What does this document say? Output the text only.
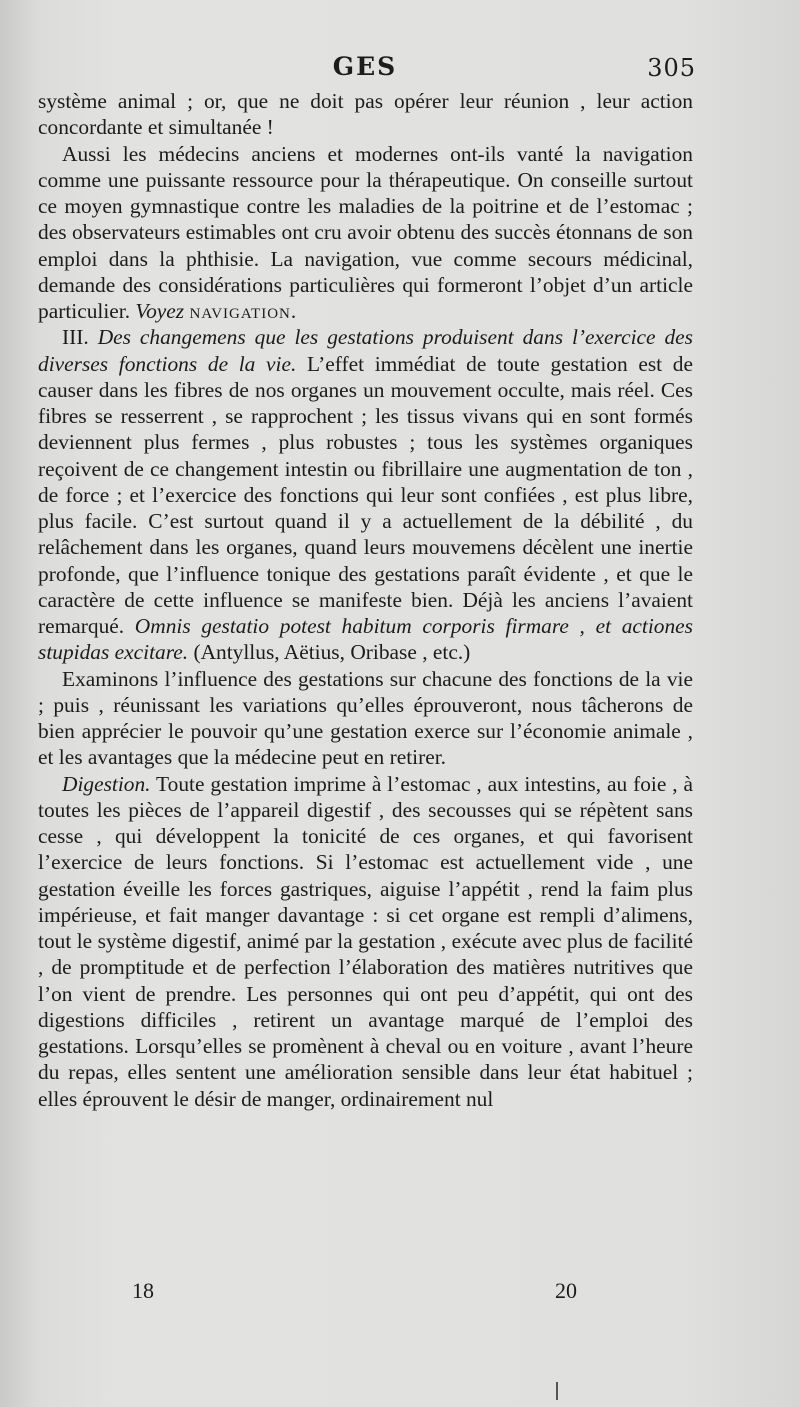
GES	305

système animal ; or, que ne doit pas opérer leur réunion , leur action concordante et simultanée !

Aussi les médecins anciens et modernes ont-ils vanté la navigation comme une puissante ressource pour la thérapeutique. On conseille surtout ce moyen gymnastique contre les maladies de la poitrine et de l’estomac ; des observateurs estimables ont cru avoir obtenu des succès étonnans de son emploi dans la phthisie. La navigation, vue comme secours médicinal, demande des considérations particulières qui formeront l’objet d’un article particulier. Voyez navigation.

III. Des changemens que les gestations produisent dans l’exercice des diverses fonctions de la vie. L’effet immédiat de toute gestation est de causer dans les fibres de nos organes un mouvement occulte, mais réel. Ces fibres se resserrent , se rapprochent ; les tissus vivans qui en sont formés deviennent plus fermes , plus robustes ; tous les systèmes organiques reçoivent de ce changement intestin ou fibrillaire une augmentation de ton , de force ; et l’exercice des fonctions qui leur sont confiées , est plus libre, plus facile. C’est surtout quand il y a actuellement de la débilité , du relâchement dans les organes, quand leurs mouvemens décèlent une inertie profonde, que l’influence tonique des gestations paraît évidente , et que le caractère de cette influence se manifeste bien. Déjà les anciens l’avaient remarqué. Omnis gestatio potest habitum corporis firmare , et actiones stupidas excitare. (Antyllus, Aëtius, Oribase , etc.)

Examinons l’influence des gestations sur chacune des fonctions de la vie ; puis , réunissant les variations qu’elles éprouveront, nous tâcherons de bien apprécier le pouvoir qu’une gestation exerce sur l’économie animale , et les avantages que la médecine peut en retirer.

Digestion. Toute gestation imprime à l’estomac , aux intestins, au foie , à toutes les pièces de l’appareil digestif , des secousses qui se répètent sans cesse , qui développent la tonicité de ces organes, et qui favorisent l’exercice de leurs fonctions. Si l’estomac est actuellement vide , une gestation éveille les forces gastriques, aiguise l’appétit , rend la faim plus impérieuse, et fait manger davantage : si cet organe est rempli d’alimens, tout le système digestif, animé par la gestation , exécute avec plus de facilité , de promptitude et de perfection l’élaboration des matières nutritives que l’on vient de prendre. Les personnes qui ont peu d’appétit, qui ont des digestions difficiles , retirent un avantage marqué de l’emploi des gestations. Lorsqu’elles se promènent à cheval ou en voiture , avant l’heure du repas, elles sentent une amélioration sensible dans leur état habituel ; elles éprouvent le désir de manger, ordinairement nul

18	20
